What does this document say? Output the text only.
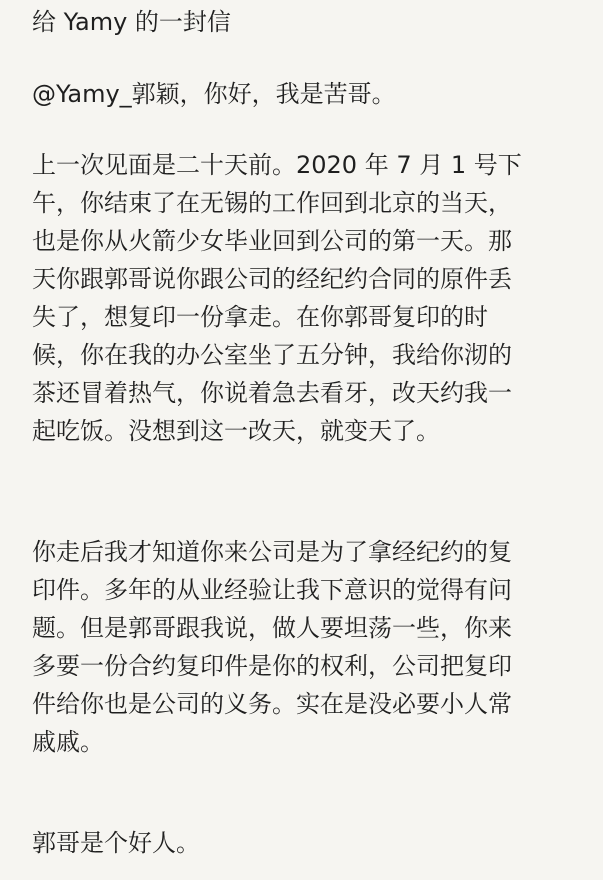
给 Yamy 的一封信

@Yamy_郭颖，你好，我是苦哥。

上一次见面是二十天前。2020 年 7 月 1 号下
午，你结束了在无锡的工作回到北京的当天，
也是你从火箭少女毕业回到公司的第一天。那
天你跟郭哥说你跟公司的经纪约合同的原件丢
失了，想复印一份拿走。在你郭哥复印的时
候，你在我的办公室坐了五分钟，我给你沏的
茶还冒着热气，你说着急去看牙，改天约我一
起吃饭。没想到这一改天，就变天了。

你走后我才知道你来公司是为了拿经纪约的复
印件。多年的从业经验让我下意识的觉得有问
题。但是郭哥跟我说，做人要坦荡一些，你来
多要一份合约复印件是你的权利，公司把复印
件给你也是公司的义务。实在是没必要小人常
戚戚。

郭哥是个好人。
